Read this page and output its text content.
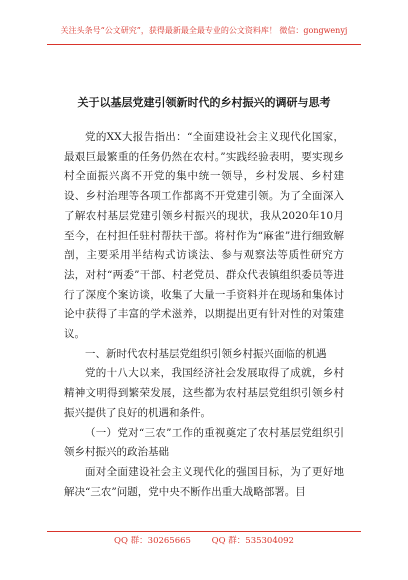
关注头条号“公文研究”，获得最新最全最专业的公文资料库！ 微信：gongwenyj
关于以基层党建引领新时代的乡村振兴的调研与思考

党的XX大报告指出：“全面建设社会主义现代化国家，最艰巨最繁重的任务仍然在农村。”实践经验表明，要实现乡村全面振兴离不开党的集中统一领导，乡村发展、乡村建设、乡村治理等各项工作都离不开党建引领。为了全面深入了解农村基层党建引领乡村振兴的现状，我从2020年10月至今，在村担任驻村帮扶干部。将村作为“麻雀”进行细致解剖，主要采用半结构式访谈法、参与观察法等质性研究方法，对村“两委”干部、村老党员、群众代表镇组织委员等进行了深度个案访谈，收集了大量一手资料并在现场和集体讨论中获得了丰富的学术滋养，以期提出更有针对性的对策建议。

一、新时代农村基层党组织引领乡村振兴面临的机遇

党的十八大以来，我国经济社会发展取得了成就，乡村精神文明得到繁荣发展，这些都为农村基层党组织引领乡村振兴提供了良好的机遇和条件。

（一）党对“三农”工作的重视奠定了农村基层党组织引领乡村振兴的政治基础

面对全面建设社会主义现代化的强国目标，为了更好地解决“三农”问题，党中央不断作出重大战略部署。目

QQ 群：30265665 QQ 群：535304092
